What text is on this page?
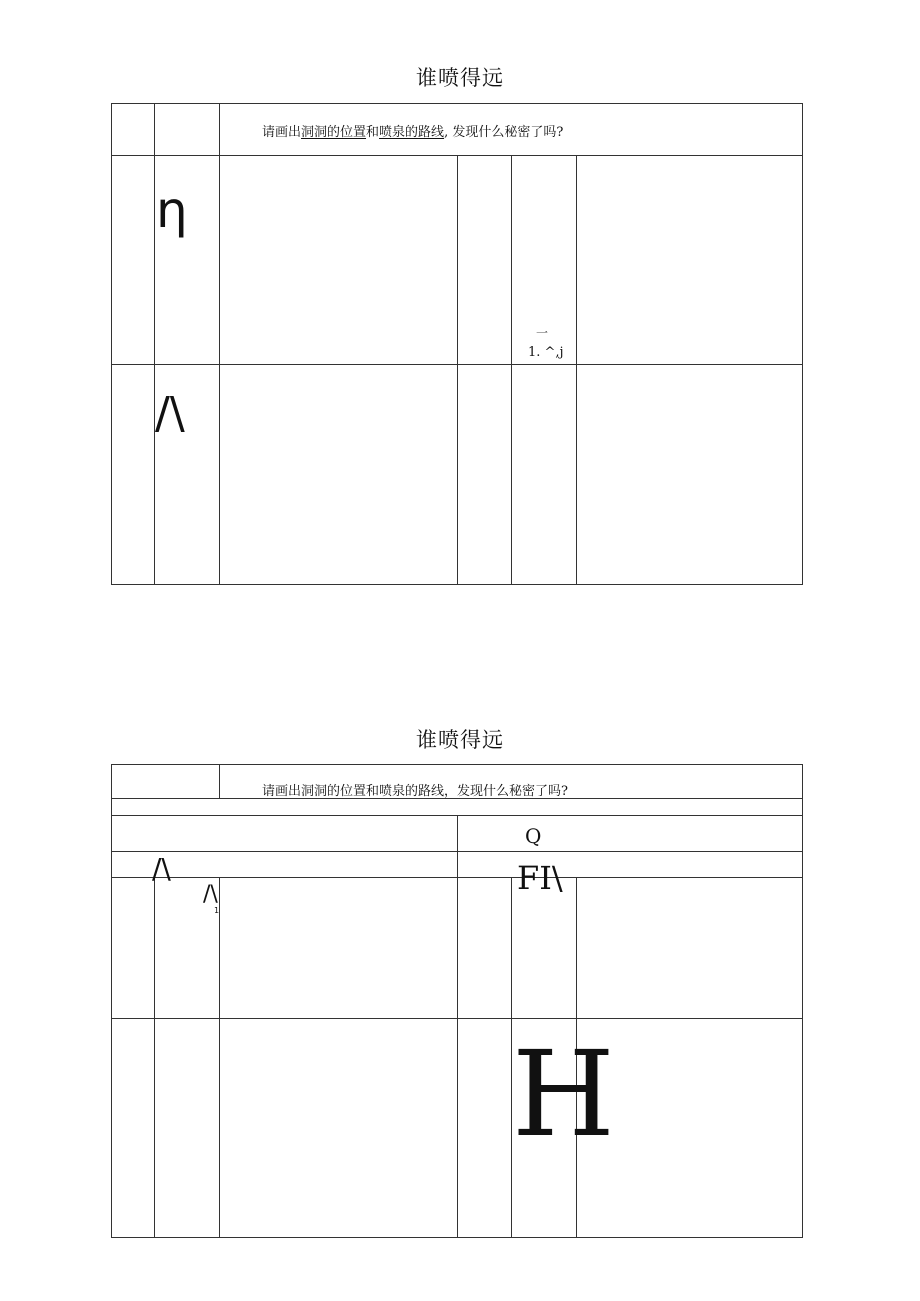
谁喷得远
请画出洞洞的位置和喷泉的路线, 发现什么秘密了吗?
η
/\
一
1. ^,j
谁喷得远
请画出洞洞的位置和喷泉的路线，发现什么秘密了吗?
Q
/\	FI\
/\
1
H
